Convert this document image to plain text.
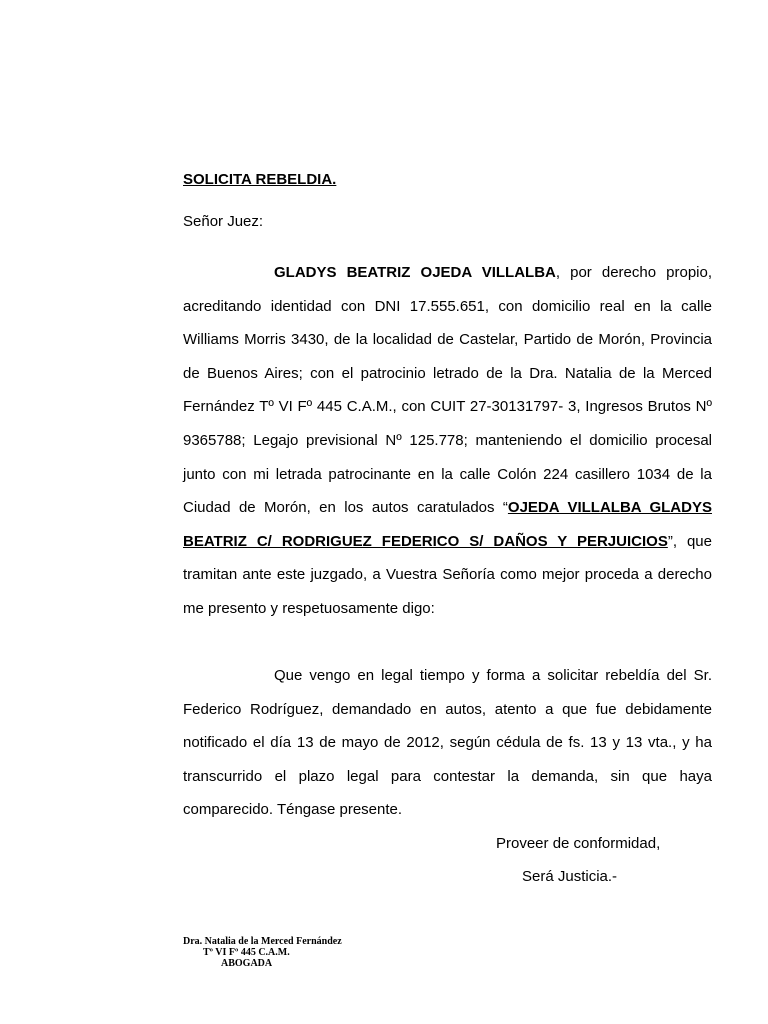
SOLICITA REBELDIA.
Señor Juez:

GLADYS BEATRIZ OJEDA VILLALBA, por derecho propio, acreditando identidad con DNI 17.555.651, con domicilio real en la calle Williams Morris 3430, de la localidad de Castelar, Partido de Morón, Provincia de Buenos Aires; con el patrocinio letrado de la Dra. Natalia de la Merced Fernández Tº VI Fº 445 C.A.M., con CUIT 27-30131797- 3, Ingresos Brutos Nº 9365788; Legajo previsional Nº 125.778; manteniendo el domicilio procesal junto con mi letrada patrocinante en la calle Colón 224 casillero 1034 de la Ciudad de Morón, en los autos caratulados “OJEDA VILLALBA GLADYS BEATRIZ C/ RODRIGUEZ FEDERICO S/ DAÑOS Y PERJUICIOS”, que tramitan ante este juzgado, a Vuestra Señoría como mejor proceda a derecho me presento y respetuosamente digo:

Que vengo en legal tiempo y forma a solicitar rebeldía del Sr. Federico Rodríguez, demandado en autos, atento a que fue debidamente notificado el día 13 de mayo de 2012, según cédula de fs. 13 y 13 vta., y ha transcurrido el plazo legal para contestar la demanda, sin que haya comparecido. Téngase presente.

Proveer de conformidad,
Será Justicia.-
Dra. Natalia de la Merced Fernández
Tº VI Fº 445 C.A.M.
ABOGADA
